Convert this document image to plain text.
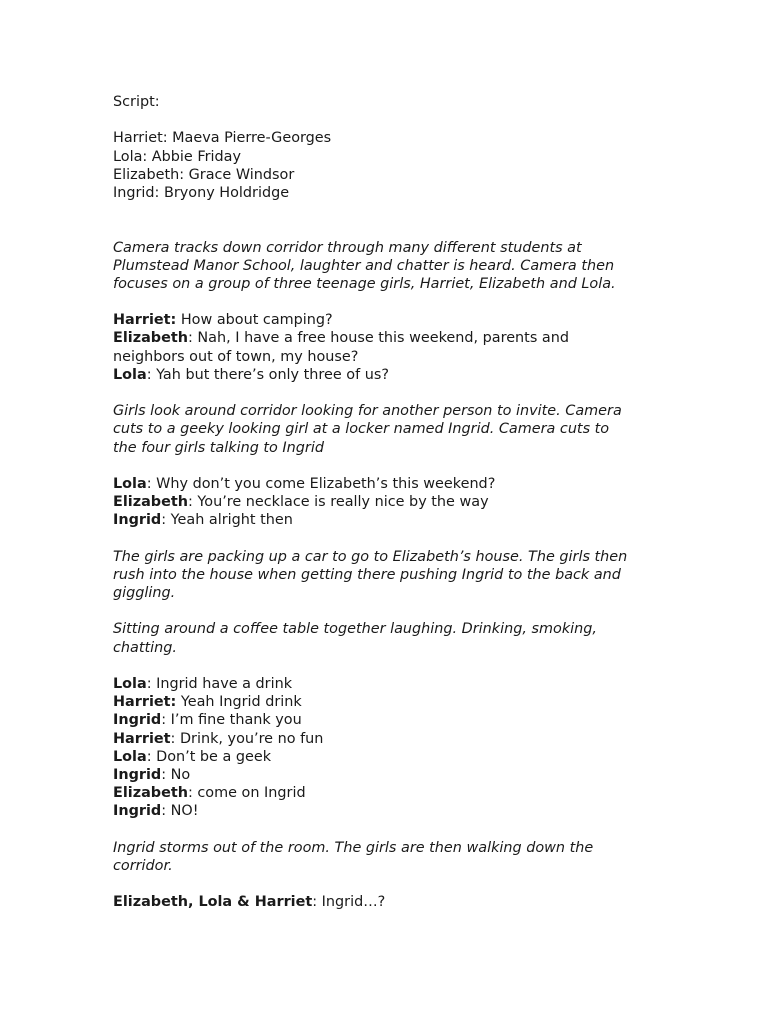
Script:
Harriet: Maeva Pierre-Georges
Lola: Abbie Friday
Elizabeth: Grace Windsor
Ingrid: Bryony Holdridge
Camera tracks down corridor through many different students at
Plumstead Manor School, laughter and chatter is heard. Camera then
focuses on a group of three teenage girls, Harriet, Elizabeth and Lola.
Harriet: How about camping?
Elizabeth: Nah, I have a free house this weekend, parents and
neighbors out of town, my house?
Lola: Yah but there’s only three of us?
Girls look around corridor looking for another person to invite. Camera
cuts to a geeky looking girl at a locker named Ingrid. Camera cuts to
the four girls talking to Ingrid
Lola: Why don’t you come Elizabeth’s this weekend?
Elizabeth: You’re necklace is really nice by the way
Ingrid: Yeah alright then
The girls are packing up a car to go to Elizabeth’s house. The girls then
rush into the house when getting there pushing Ingrid to the back and
giggling.
Sitting around a coffee table together laughing. Drinking, smoking,
chatting.
Lola: Ingrid have a drink
Harriet: Yeah Ingrid drink
Ingrid: I’m fine thank you
Harriet: Drink, you’re no fun
Lola: Don’t be a geek
Ingrid: No
Elizabeth: come on Ingrid
Ingrid: NO!
Ingrid storms out of the room. The girls are then walking down the
corridor.
Elizabeth, Lola & Harriet: Ingrid…?
